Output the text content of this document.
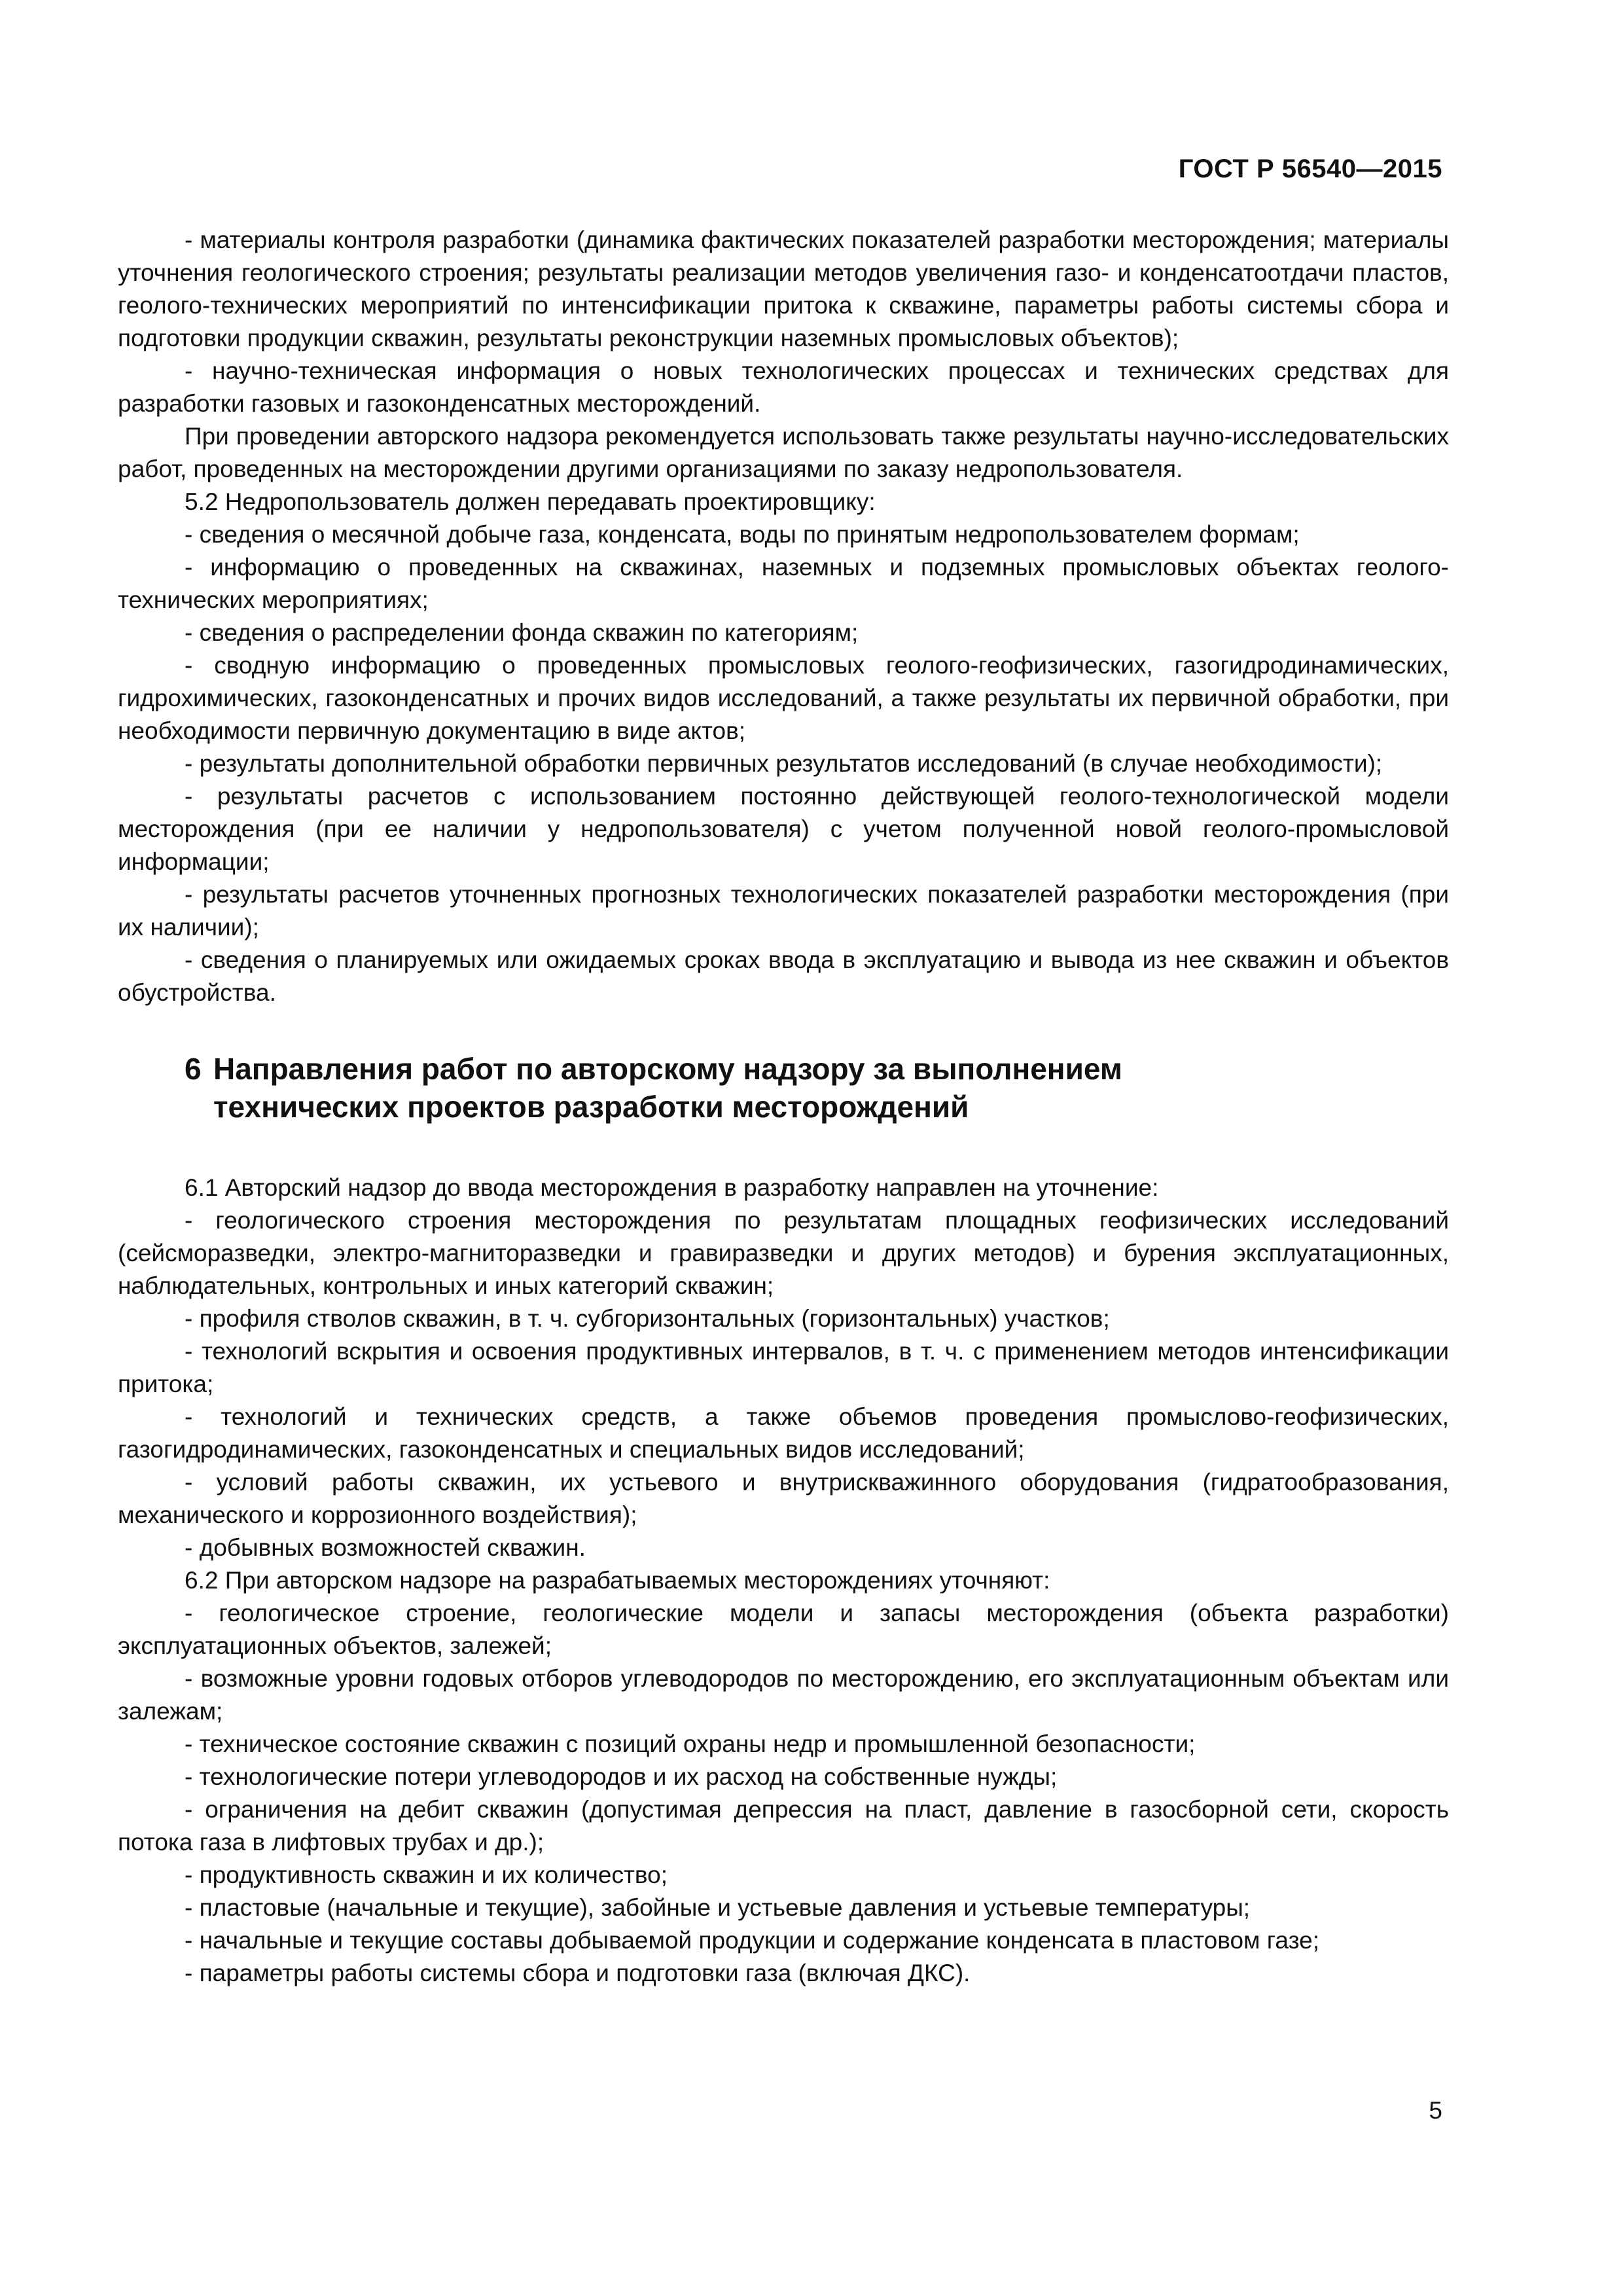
ГОСТ Р 56540—2015

- материалы контроля разработки (динамика фактических показателей разработки месторождения; материалы уточнения геологического строения; результаты реализации методов увеличения газо- и конденсатоотдачи пластов, геолого-технических мероприятий по интенсификации притока к скважине, параметры работы системы сбора и подготовки продукции скважин, результаты реконструкции наземных промысловых объектов);

- научно-техническая информация о новых технологических процессах и технических средствах для разработки газовых и газоконденсатных месторождений.

При проведении авторского надзора рекомендуется использовать также результаты научно-исследовательских работ, проведенных на месторождении другими организациями по заказу недропользователя.

5.2 Недропользователь должен передавать проектировщику:

- сведения о месячной добыче газа, конденсата, воды по принятым недропользователем формам;

- информацию о проведенных на скважинах, наземных и подземных промысловых объектах геолого-технических мероприятиях;

- сведения о распределении фонда скважин по категориям;

- сводную информацию о проведенных промысловых геолого-геофизических, газогидродинамических, гидрохимических, газоконденсатных и прочих видов исследований, а также результаты их первичной обработки, при необходимости первичную документацию в виде актов;

- результаты дополнительной обработки первичных результатов исследований (в случае необходимости);

- результаты расчетов с использованием постоянно действующей геолого-технологической модели месторождения (при ее наличии у недропользователя) с учетом полученной новой геолого-промысловой информации;

- результаты расчетов уточненных прогнозных технологических показателей разработки месторождения (при их наличии);

- сведения о планируемых или ожидаемых сроках ввода в эксплуатацию и вывода из нее скважин и объектов обустройства.

6 Направления работ по авторскому надзору за выполнением
технических проектов разработки месторождений

6.1 Авторский надзор до ввода месторождения в разработку направлен на уточнение:

- геологического строения месторождения по результатам площадных геофизических исследований (сейсморазведки, электро-магниторазведки и гравиразведки и других методов) и бурения эксплуатационных, наблюдательных, контрольных и иных категорий скважин;

- профиля стволов скважин, в т. ч. субгоризонтальных (горизонтальных) участков;

- технологий вскрытия и освоения продуктивных интервалов, в т. ч. с применением методов интенсификации притока;

- технологий и технических средств, а также объемов проведения промыслово-геофизических, газогидродинамических, газоконденсатных и специальных видов исследований;

- условий работы скважин, их устьевого и внутрискважинного оборудования (гидратообразования, механического и коррозионного воздействия);

- добывных возможностей скважин.

6.2 При авторском надзоре на разрабатываемых месторождениях уточняют:

- геологическое строение, геологические модели и запасы месторождения (объекта разработки) эксплуатационных объектов, залежей;

- возможные уровни годовых отборов углеводородов по месторождению, его эксплуатационным объектам или залежам;

- техническое состояние скважин с позиций охраны недр и промышленной безопасности;

- технологические потери углеводородов и их расход на собственные нужды;

- ограничения на дебит скважин (допустимая депрессия на пласт, давление в газосборной сети, скорость потока газа в лифтовых трубах и др.);

- продуктивность скважин и их количество;

- пластовые (начальные и текущие), забойные и устьевые давления и устьевые температуры;

- начальные и текущие составы добываемой продукции и содержание конденсата в пластовом газе;

- параметры работы системы сбора и подготовки газа (включая ДКС).

5
